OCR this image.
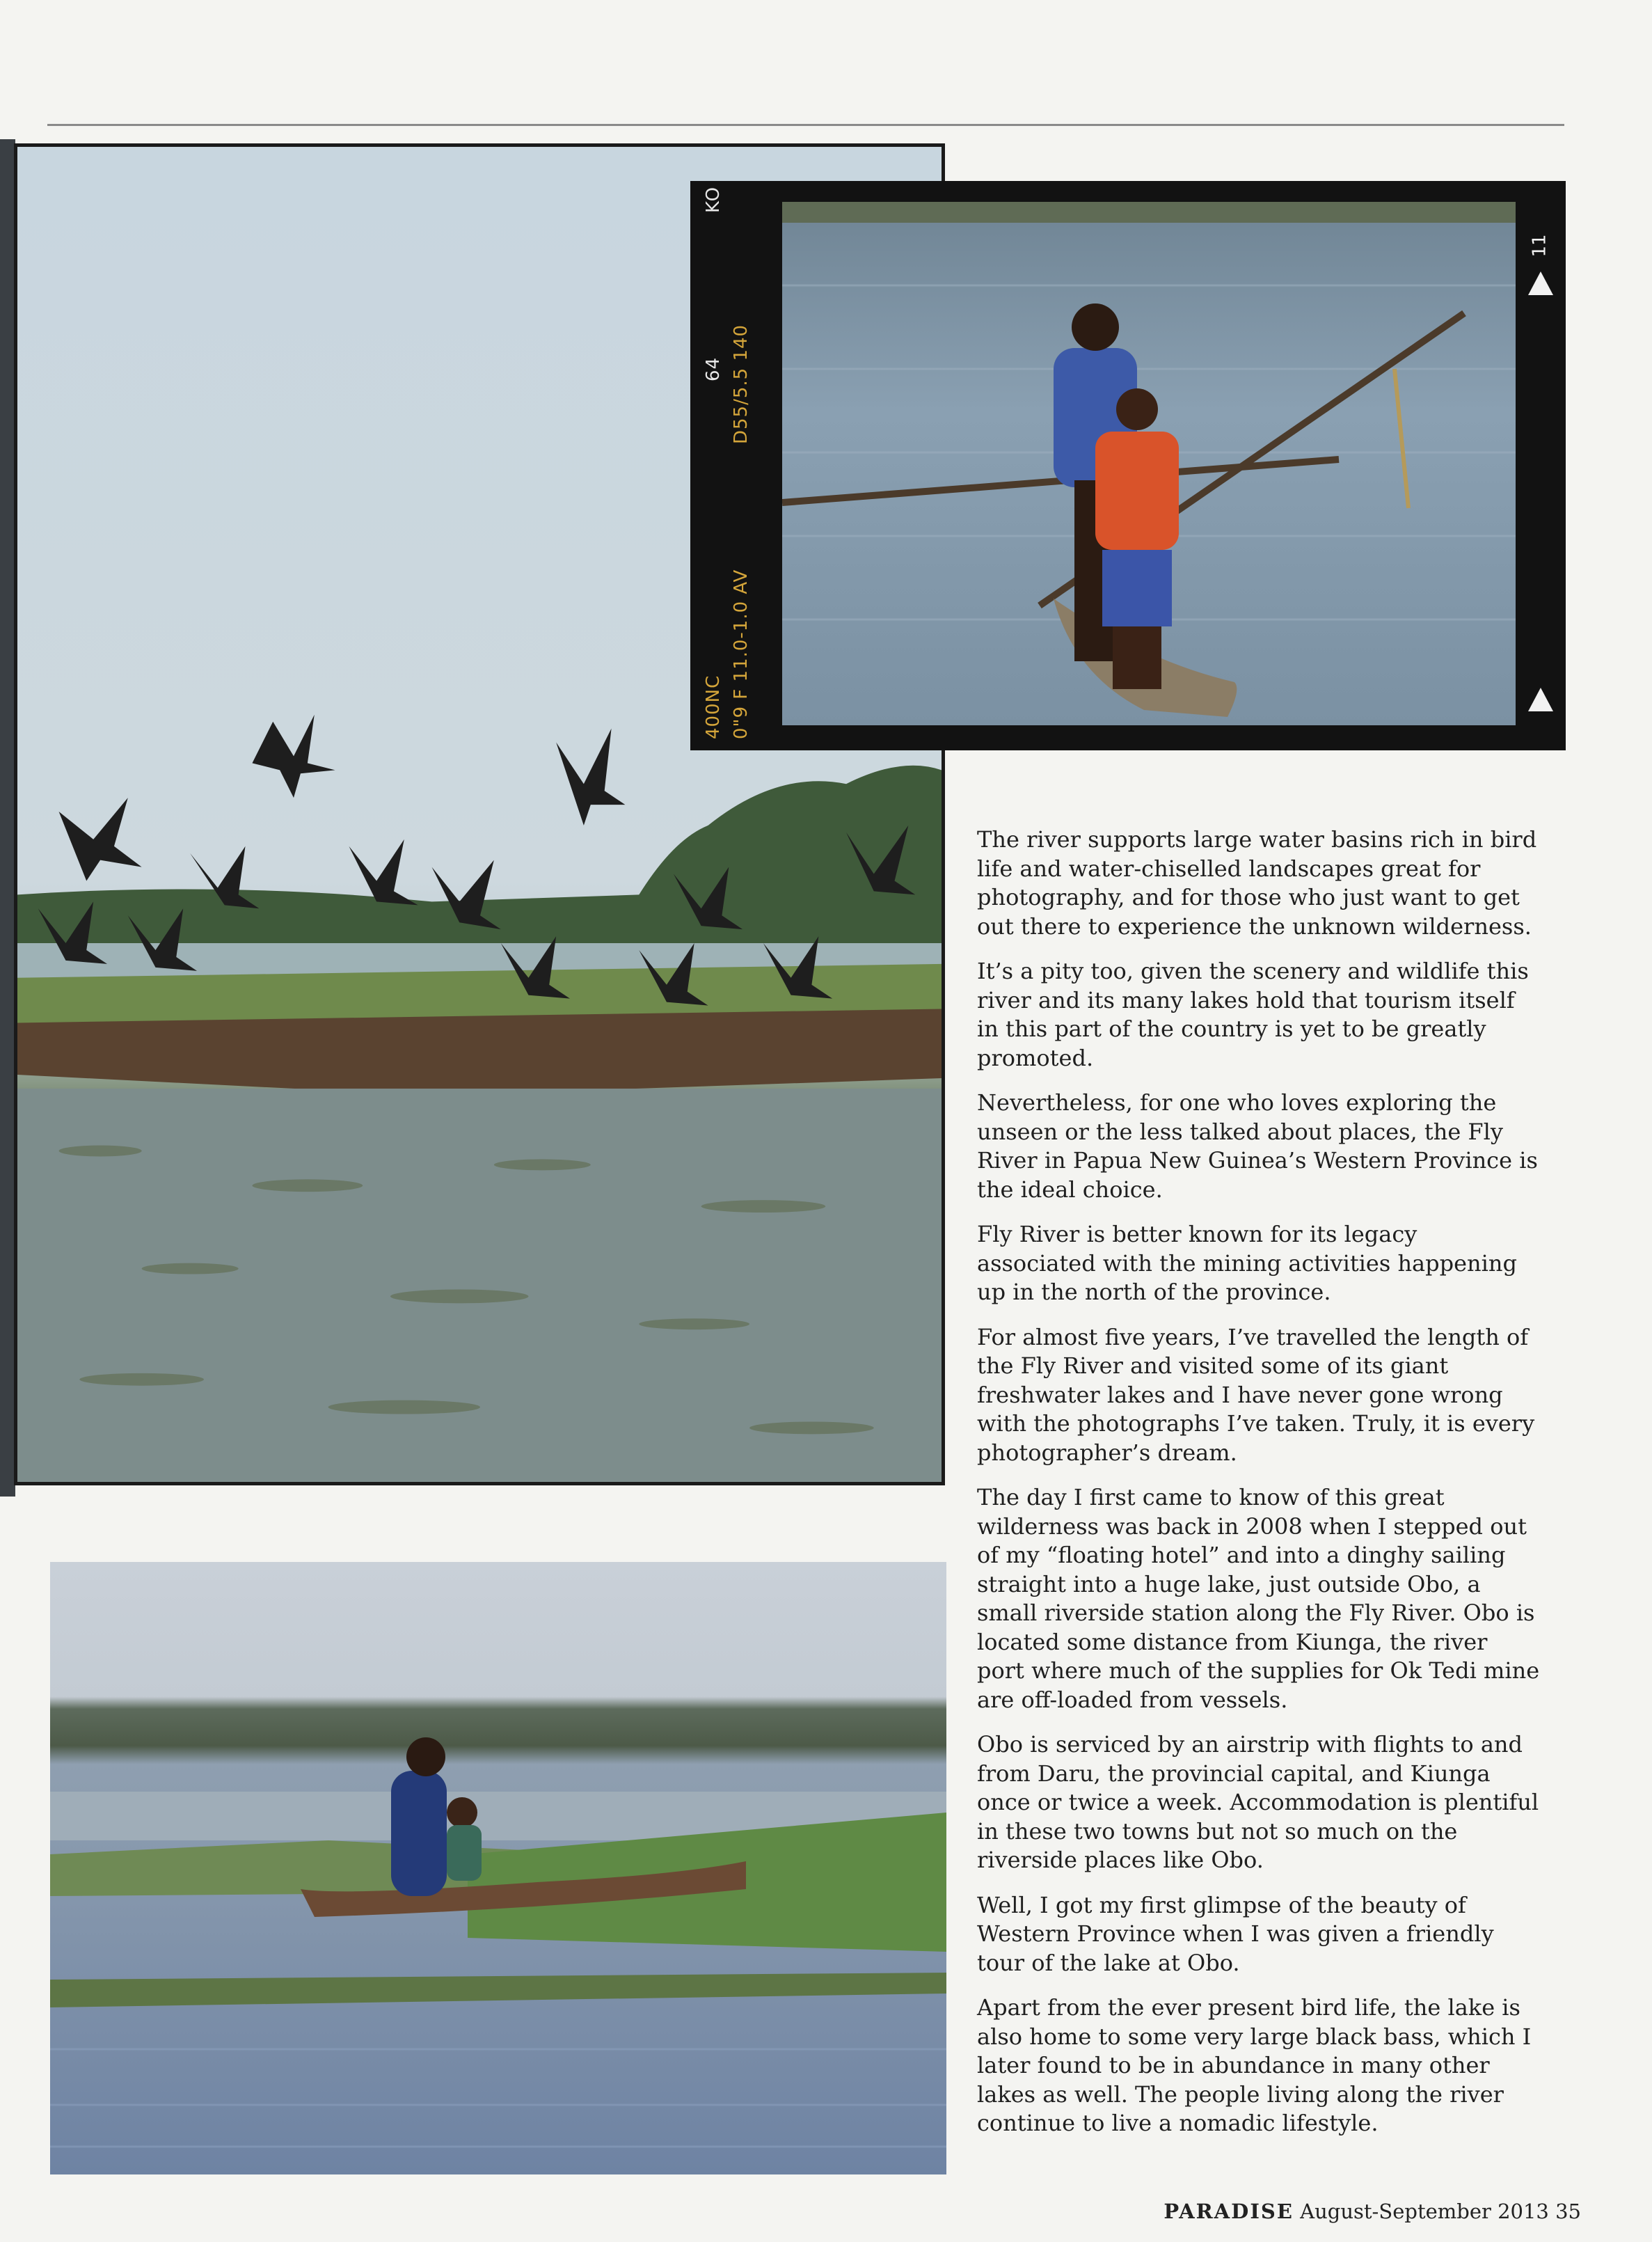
400NC 0"9 F 11.0-1.0 AV
64 D55/5.5 140
KO
11

The river supports large water basins rich in bird life and water-chiselled landscapes great for photography, and for those who just want to get out there to experience the unknown wilderness.

It’s a pity too, given the scenery and wildlife this river and its many lakes hold that tourism itself in this part of the country is yet to be greatly promoted.

Nevertheless, for one who loves exploring the unseen or the less talked about places, the Fly River in Papua New Guinea’s Western Province is the ideal choice.

Fly River is better known for its legacy associated with the mining activities happening up in the north of the province.

For almost five years, I’ve travelled the length of the Fly River and visited some of its giant freshwater lakes and I have never gone wrong with the photographs I’ve taken. Truly, it is every photographer’s dream.

The day I first came to know of this great wilderness was back in 2008 when I stepped out of my “floating hotel” and into a dinghy sailing straight into a huge lake, just outside Obo, a small riverside station along the Fly River. Obo is located some distance from Kiunga, the river port where much of the supplies for Ok Tedi mine are off-loaded from vessels.

Obo is serviced by an airstrip with flights to and from Daru, the provincial capital, and Kiunga once or twice a week. Accommodation is plentiful in these two towns but not so much on the riverside places like Obo.

Well, I got my first glimpse of the beauty of Western Province when I was given a friendly tour of the lake at Obo.

Apart from the ever present bird life, the lake is also home to some very large black bass, which I later found to be in abundance in many other lakes as well. The people living along the river continue to live a nomadic lifestyle.

PARADISE August-September 2013 35
